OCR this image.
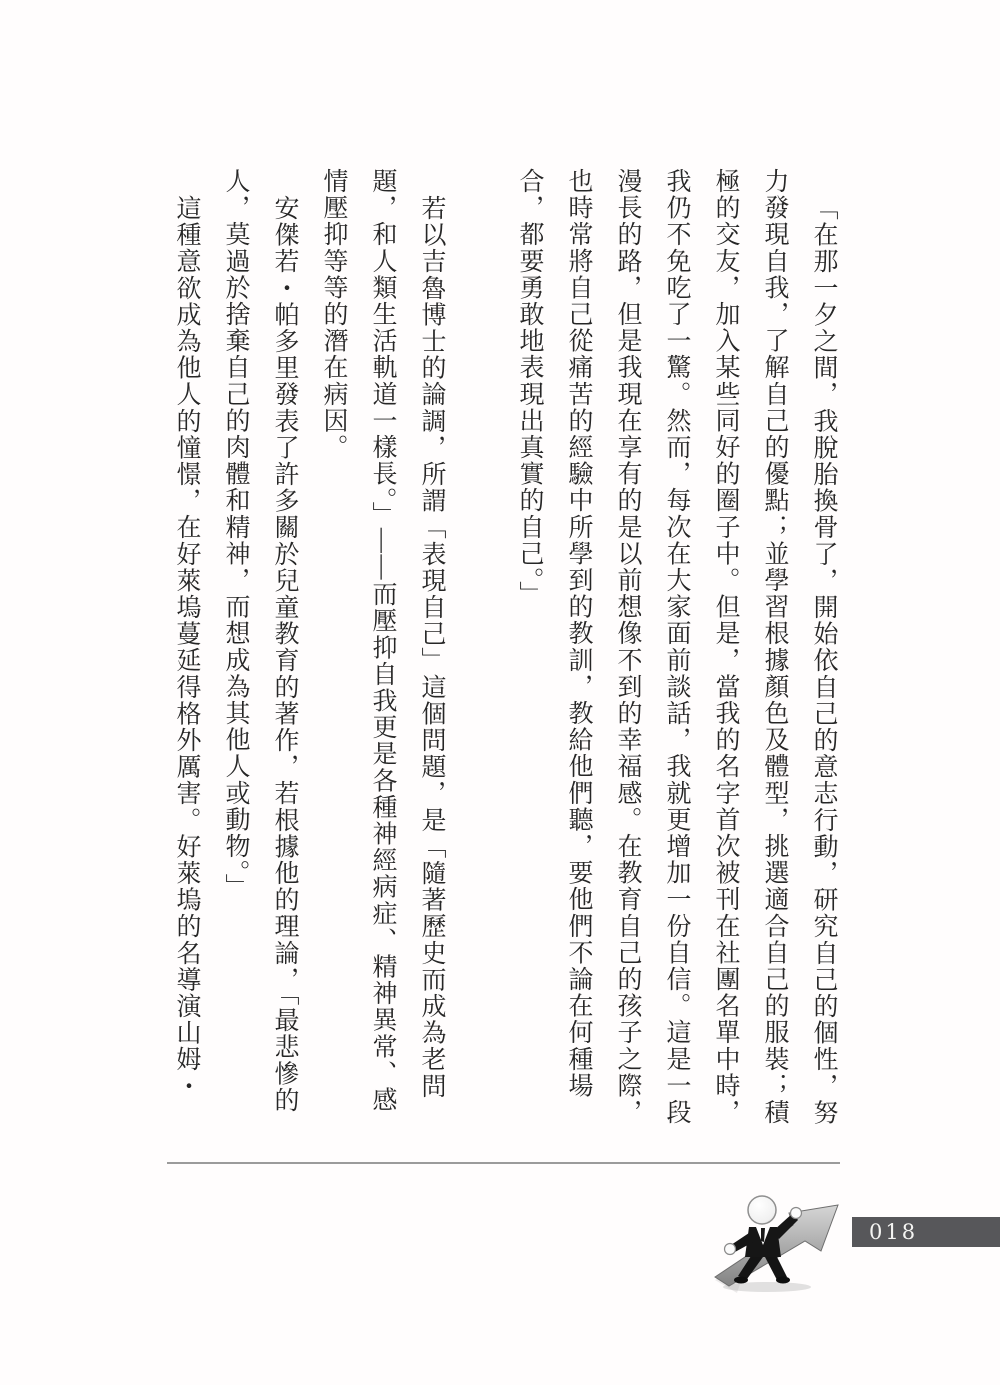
「在那一夕之間，我脫胎換骨了，開始依自己的意志行動，研究自己的個性，努力發現自我，了解自己的優點；並學習根據顏色及體型，挑選適合自己的服裝；積極的交友，加入某些同好的圈子中。但是，當我的名字首次被刊在社團名單中時，我仍不免吃了一驚。然而，每次在大家面前談話，我就更增加一份自信。這是一段漫長的路，但是我現在享有的是以前想像不到的幸福感。在教育自己的孩子之際，也時常將自己從痛苦的經驗中所學到的教訓，教給他們聽，要他們不論在何種場合，都要勇敢地表現出真實的自己。」

若以吉魯博士的論調，所謂「表現自己」這個問題，是「隨著歷史而成為老問題，和人類生活軌道一樣長。」——而壓抑自我更是各種神經病症、精神異常、感情壓抑等等的潛在病因。

安傑若・帕多里發表了許多關於兒童教育的著作，若根據他的理論，「最悲慘的人，莫過於捨棄自己的肉體和精神，而想成為其他人或動物。」

這種意欲成為他人的憧憬，在好萊塢蔓延得格外厲害。好萊塢的名導演山姆・

018
